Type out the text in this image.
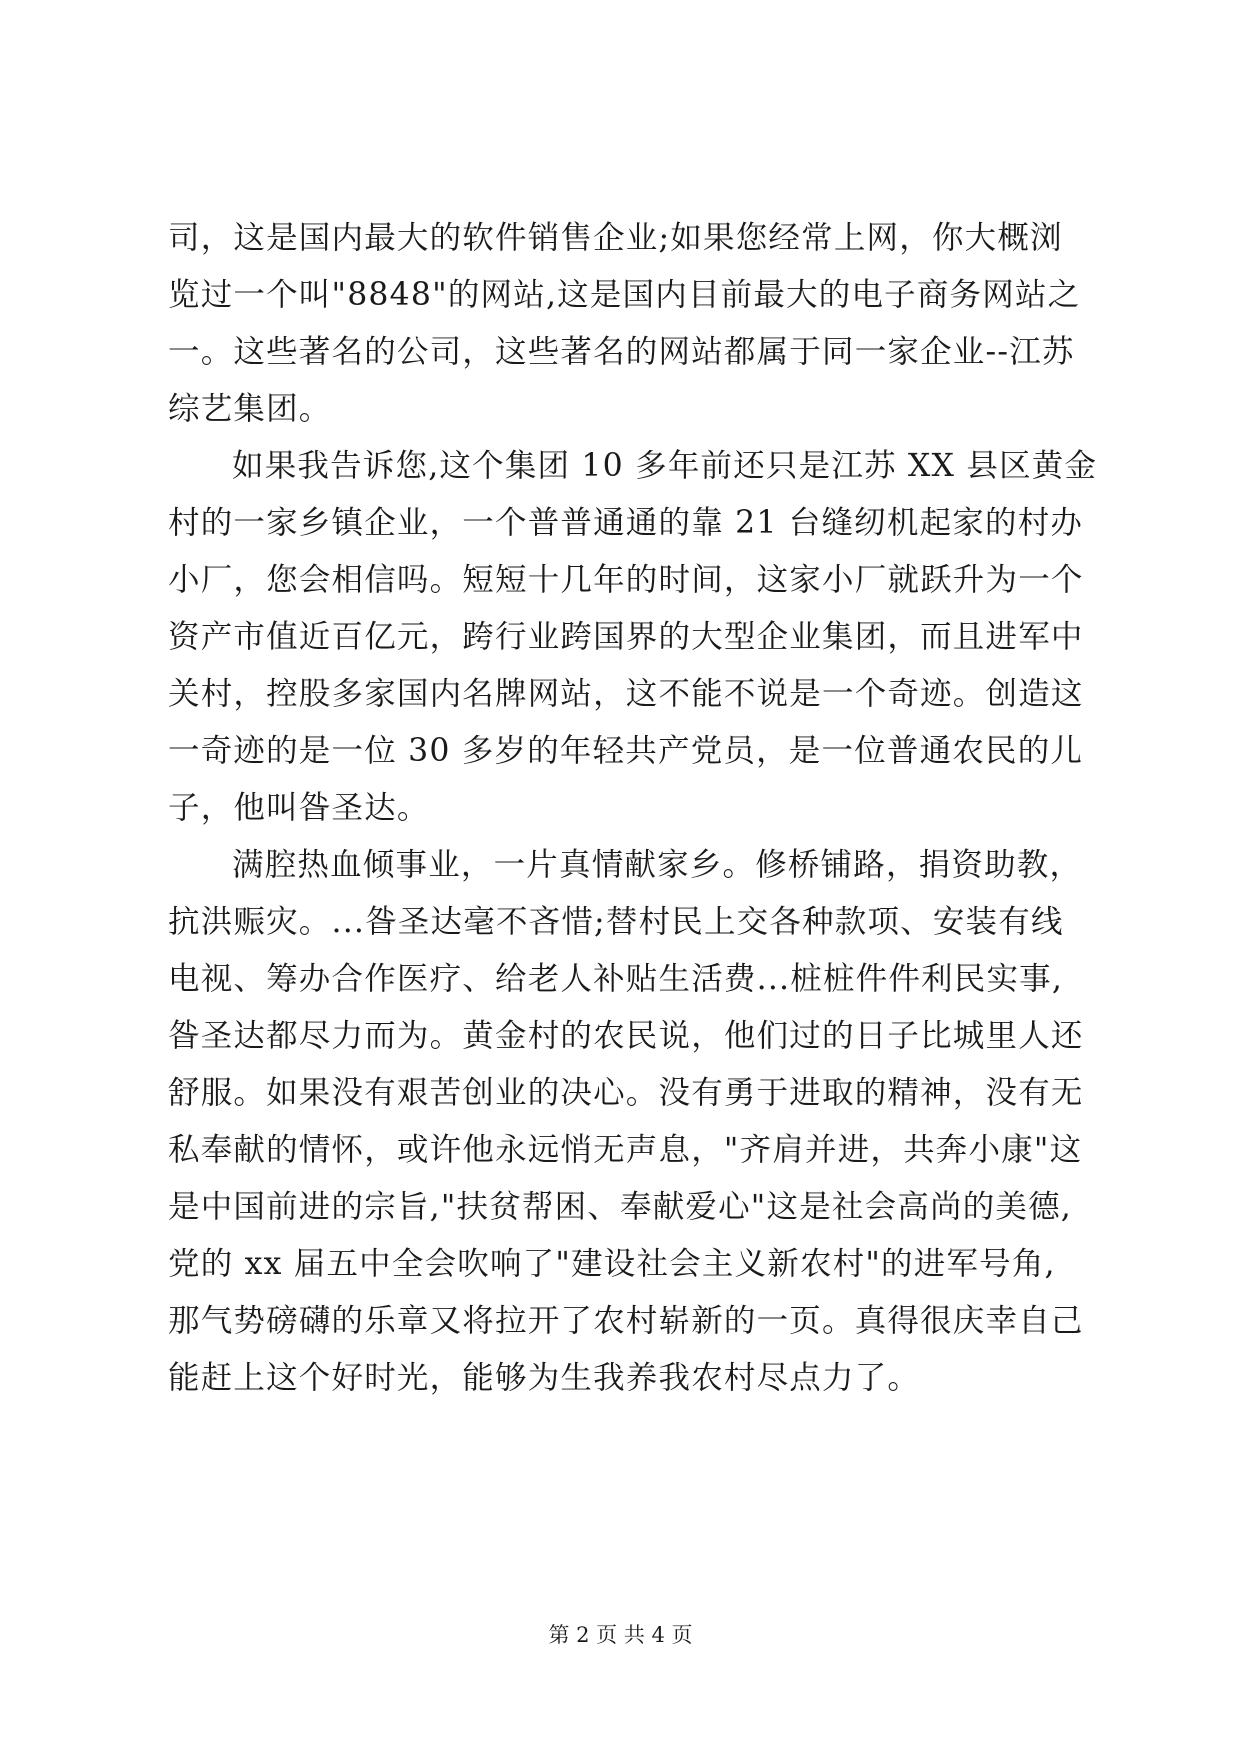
司，这是国内最大的软件销售企业;如果您经常上网，你大概浏
览过一个叫"8848"的网站,这是国内目前最大的电子商务网站之
一。这些著名的公司，这些著名的网站都属于同一家企业--江苏
综艺集团。
如果我告诉您,这个集团 10 多年前还只是江苏 XX 县区黄金
村的一家乡镇企业，一个普普通通的靠 21 台缝纫机起家的村办
小厂，您会相信吗。短短十几年的时间，这家小厂就跃升为一个
资产市值近百亿元，跨行业跨国界的大型企业集团，而且进军中
关村，控股多家国内名牌网站，这不能不说是一个奇迹。创造这
一奇迹的是一位 30 多岁的年轻共产党员，是一位普通农民的儿
子，他叫昝圣达。
满腔热血倾事业，一片真情献家乡。修桥铺路，捐资助教，
抗洪赈灾。...昝圣达毫不吝惜;替村民上交各种款项、安装有线
电视、筹办合作医疗、给老人补贴生活费...桩桩件件利民实事,
昝圣达都尽力而为。黄金村的农民说，他们过的日子比城里人还
舒服。如果没有艰苦创业的决心。没有勇于进取的精神，没有无
私奉献的情怀，或许他永远悄无声息，"齐肩并进，共奔小康"这
是中国前进的宗旨,"扶贫帮困、奉献爱心"这是社会高尚的美德,
党的 xx 届五中全会吹响了"建设社会主义新农村"的进军号角,
那气势磅礴的乐章又将拉开了农村崭新的一页。真得很庆幸自己
能赶上这个好时光，能够为生我养我农村尽点力了。
第 2 页 共 4 页
